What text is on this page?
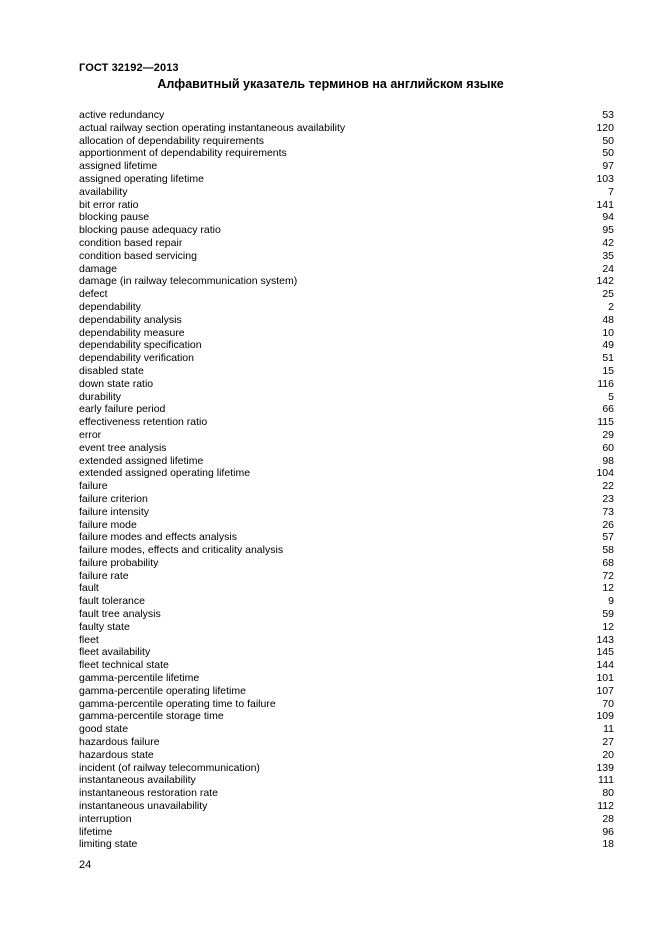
ГОСТ 32192—2013
Алфавитный указатель терминов на английском языке
active redundancy	53
actual railway section operating instantaneous availability	120
allocation of dependability requirements	50
apportionment of dependability requirements	50
assigned lifetime	97
assigned operating lifetime	103
availability	7
bit error ratio	141
blocking pause	94
blocking pause adequacy ratio	95
condition based repair	42
condition based servicing	35
damage	24
damage (in railway telecommunication system)	142
defect	25
dependability	2
dependability analysis	48
dependability measure	10
dependability specification	49
dependability verification	51
disabled state	15
down state ratio	116
durability	5
early failure period	66
effectiveness retention ratio	115
error	29
event tree analysis	60
extended assigned lifetime	98
extended assigned operating lifetime	104
failure	22
failure criterion	23
failure intensity	73
failure mode	26
failure modes and effects analysis	57
failure modes, effects and criticality analysis	58
failure probability	68
failure rate	72
fault	12
fault tolerance	9
fault tree analysis	59
faulty state	12
fleet	143
fleet availability	145
fleet technical state	144
gamma-percentile lifetime	101
gamma-percentile operating lifetime	107
gamma-percentile operating time to failure	70
gamma-percentile storage time	109
good state	11
hazardous failure	27
hazardous state	20
incident (of railway telecommunication)	139
instantaneous availability	111
instantaneous restoration rate	80
instantaneous unavailability	112
interruption	28
lifetime	96
limiting state	18
24
